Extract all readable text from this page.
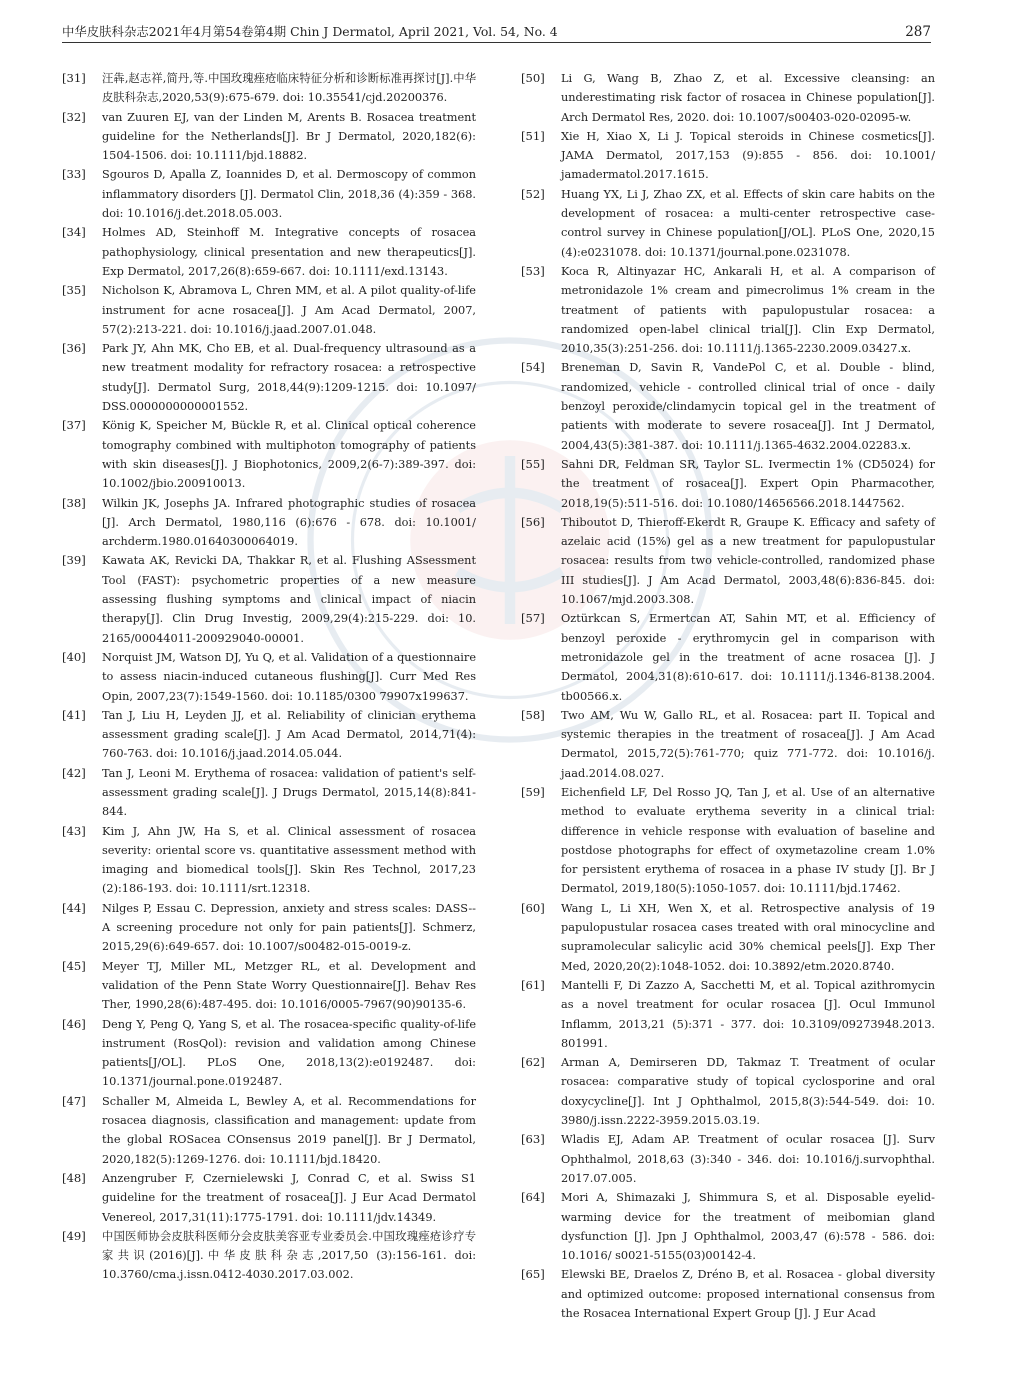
中华皮肤科杂志2021年4月第54卷第4期 Chin J Dermatol, April 2021, Vol. 54, No. 4	287
[31]	汪犇,赵志祥,简丹,等.中国玫瑰痤疮临床特征分析和诊断标准再探讨[J].中华皮肤科杂志,2020,53(9):675-679. doi: 10.35541/cjd.20200376.
[32]	van Zuuren EJ, van der Linden M, Arents B. Rosacea treatment guideline for the Netherlands[J]. Br J Dermatol, 2020,182(6): 1504-1506. doi: 10.1111/bjd.18882.
[33]	Sgouros D, Apalla Z, Ioannides D, et al. Dermoscopy of common inflammatory disorders [J]. Dermatol Clin, 2018,36 (4):359 - 368. doi: 10.1016/j.det.2018.05.003.
[34]	Holmes AD, Steinhoff M. Integrative concepts of rosacea pathophysiology, clinical presentation and new therapeutics[J]. Exp Dermatol, 2017,26(8):659-667. doi: 10.1111/exd.13143.
[35]	Nicholson K, Abramova L, Chren MM, et al. A pilot quality-of-life instrument for acne rosacea[J]. J Am Acad Dermatol, 2007, 57(2):213-221. doi: 10.1016/j.jaad.2007.01.048.
[36]	Park JY, Ahn MK, Cho EB, et al. Dual-frequency ultrasound as a new treatment modality for refractory rosacea: a retrospective study[J]. Dermatol Surg, 2018,44(9):1209-1215. doi: 10.1097/ DSS.0000000000001552.
[37]	König K, Speicher M, Bückle R, et al. Clinical optical coherence tomography combined with multiphoton tomography of patients with skin diseases[J]. J Biophotonics, 2009,2(6-7):389-397. doi: 10.1002/jbio.200910013.
[38]	Wilkin JK, Josephs JA. Infrared photographic studies of rosacea [J]. Arch Dermatol, 1980,116 (6):676 - 678. doi: 10.1001/ archderm.1980.01640300064019.
[39]	Kawata AK, Revicki DA, Thakkar R, et al. Flushing ASsessment Tool (FAST): psychometric properties of a new measure assessing flushing symptoms and clinical impact of niacin therapy[J]. Clin Drug Investig, 2009,29(4):215-229. doi: 10. 2165/00044011-200929040-00001.
[40]	Norquist JM, Watson DJ, Yu Q, et al. Validation of a questionnaire to assess niacin-induced cutaneous flushing[J]. Curr Med Res Opin, 2007,23(7):1549-1560. doi: 10.1185/0300 79907x199637.
[41]	Tan J, Liu H, Leyden JJ, et al. Reliability of clinician erythema assessment grading scale[J]. J Am Acad Dermatol, 2014,71(4): 760-763. doi: 10.1016/j.jaad.2014.05.044.
[42]	Tan J, Leoni M. Erythema of rosacea: validation of patient's self-assessment grading scale[J]. J Drugs Dermatol, 2015,14(8):841-844.
[43]	Kim J, Ahn JW, Ha S, et al. Clinical assessment of rosacea severity: oriental score vs. quantitative assessment method with imaging and biomedical tools[J]. Skin Res Technol, 2017,23 (2):186-193. doi: 10.1111/srt.12318.
[44]	Nilges P, Essau C. Depression, anxiety and stress scales: DASS--A screening procedure not only for pain patients[J]. Schmerz, 2015,29(6):649-657. doi: 10.1007/s00482-015-0019-z.
[45]	Meyer TJ, Miller ML, Metzger RL, et al. Development and validation of the Penn State Worry Questionnaire[J]. Behav Res Ther, 1990,28(6):487-495. doi: 10.1016/0005-7967(90)90135-6.
[46]	Deng Y, Peng Q, Yang S, et al. The rosacea-specific quality-of-life instrument (RosQol): revision and validation among Chinese patients[J/OL]. PLoS One, 2018,13(2):e0192487. doi: 10.1371/journal.pone.0192487.
[47]	Schaller M, Almeida L, Bewley A, et al. Recommendations for rosacea diagnosis, classification and management: update from the global ROSacea COnsensus 2019 panel[J]. Br J Dermatol, 2020,182(5):1269-1276. doi: 10.1111/bjd.18420.
[48]	Anzengruber F, Czernielewski J, Conrad C, et al. Swiss S1 guideline for the treatment of rosacea[J]. J Eur Acad Dermatol Venereol, 2017,31(11):1775-1791. doi: 10.1111/jdv.14349.
[49]	中国医师协会皮肤科医师分会皮肤美容亚专业委员会.中国玫瑰痤疮诊疗专家共识(2016)[J].中华皮肤科杂志,2017,50 (3):156-161. doi: 10.3760/cma.j.issn.0412-4030.2017.03.002.
[50]	Li G, Wang B, Zhao Z, et al. Excessive cleansing: an underestimating risk factor of rosacea in Chinese population[J]. Arch Dermatol Res, 2020. doi: 10.1007/s00403-020-02095-w.
[51]	Xie H, Xiao X, Li J. Topical steroids in Chinese cosmetics[J]. JAMA Dermatol, 2017,153 (9):855 - 856. doi: 10.1001/ jamadermatol.2017.1615.
[52]	Huang YX, Li J, Zhao ZX, et al. Effects of skin care habits on the development of rosacea: a multi-center retrospective case-control survey in Chinese population[J/OL]. PLoS One, 2020,15 (4):e0231078. doi: 10.1371/journal.pone.0231078.
[53]	Koca R, Altinyazar HC, Ankarali H, et al. A comparison of metronidazole 1% cream and pimecrolimus 1% cream in the treatment of patients with papulopustular rosacea: a randomized open-label clinical trial[J]. Clin Exp Dermatol, 2010,35(3):251-256. doi: 10.1111/j.1365-2230.2009.03427.x.
[54]	Breneman D, Savin R, VandePol C, et al. Double - blind, randomized, vehicle - controlled clinical trial of once - daily benzoyl peroxide/clindamycin topical gel in the treatment of patients with moderate to severe rosacea[J]. Int J Dermatol, 2004,43(5):381-387. doi: 10.1111/j.1365-4632.2004.02283.x.
[55]	Sahni DR, Feldman SR, Taylor SL. Ivermectin 1% (CD5024) for the treatment of rosacea[J]. Expert Opin Pharmacother, 2018,19(5):511-516. doi: 10.1080/14656566.2018.1447562.
[56]	Thiboutot D, Thieroff-Ekerdt R, Graupe K. Efficacy and safety of azelaic acid (15%) gel as a new treatment for papulopustular rosacea: results from two vehicle-controlled, randomized phase III studies[J]. J Am Acad Dermatol, 2003,48(6):836-845. doi: 10.1067/mjd.2003.308.
[57]	Oztürkcan S, Ermertcan AT, Sahin MT, et al. Efficiency of benzoyl peroxide - erythromycin gel in comparison with metronidazole gel in the treatment of acne rosacea [J]. J Dermatol, 2004,31(8):610-617. doi: 10.1111/j.1346-8138.2004. tb00566.x.
[58]	Two AM, Wu W, Gallo RL, et al. Rosacea: part II. Topical and systemic therapies in the treatment of rosacea[J]. J Am Acad Dermatol, 2015,72(5):761-770; quiz 771-772. doi: 10.1016/j. jaad.2014.08.027.
[59]	Eichenfield LF, Del Rosso JQ, Tan J, et al. Use of an alternative method to evaluate erythema severity in a clinical trial: difference in vehicle response with evaluation of baseline and postdose photographs for effect of oxymetazoline cream 1.0% for persistent erythema of rosacea in a phase IV study [J]. Br J Dermatol, 2019,180(5):1050-1057. doi: 10.1111/bjd.17462.
[60]	Wang L, Li XH, Wen X, et al. Retrospective analysis of 19 papulopustular rosacea cases treated with oral minocycline and supramolecular salicylic acid 30% chemical peels[J]. Exp Ther Med, 2020,20(2):1048-1052. doi: 10.3892/etm.2020.8740.
[61]	Mantelli F, Di Zazzo A, Sacchetti M, et al. Topical azithromycin as a novel treatment for ocular rosacea [J]. Ocul Immunol Inflamm, 2013,21 (5):371 - 377. doi: 10.3109/09273948.2013. 801991.
[62]	Arman A, Demirseren DD, Takmaz T. Treatment of ocular rosacea: comparative study of topical cyclosporine and oral doxycycline[J]. Int J Ophthalmol, 2015,8(3):544-549. doi: 10. 3980/j.issn.2222-3959.2015.03.19.
[63]	Wladis EJ, Adam AP. Treatment of ocular rosacea [J]. Surv Ophthalmol, 2018,63 (3):340 - 346. doi: 10.1016/j.survophthal. 2017.07.005.
[64]	Mori A, Shimazaki J, Shimmura S, et al. Disposable eyelid-warming device for the treatment of meibomian gland dysfunction [J]. Jpn J Ophthalmol, 2003,47 (6):578 - 586. doi: 10.1016/ s0021-5155(03)00142-4.
[65]	Elewski BE, Draelos Z, Dréno B, et al. Rosacea - global diversity and optimized outcome: proposed international consensus from the Rosacea International Expert Group [J]. J Eur Acad
